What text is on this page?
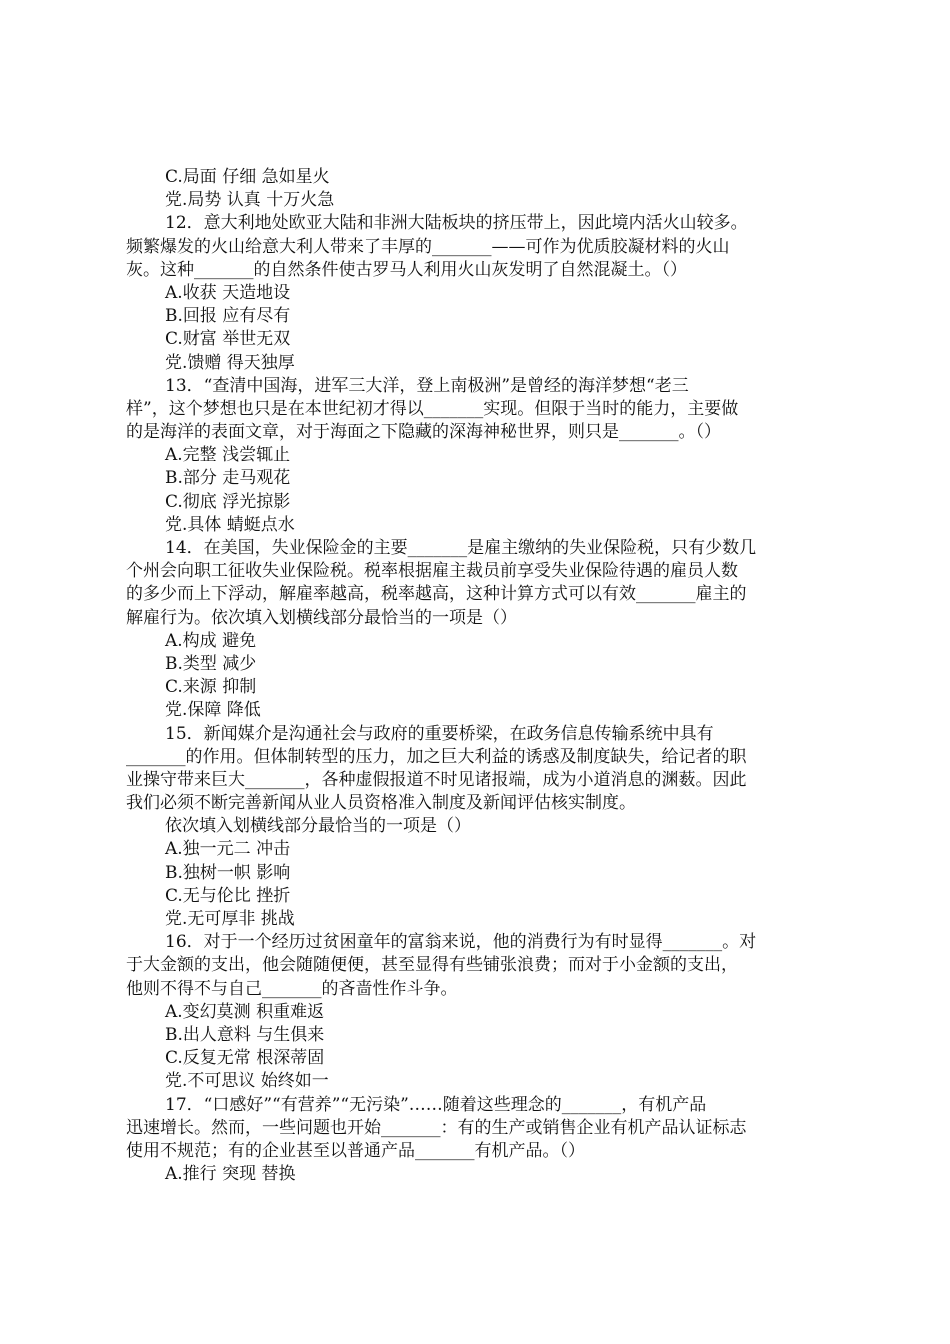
C.局面 仔细 急如星火
党.局势 认真 十万火急
12．意大利地处欧亚大陆和非洲大陆板块的挤压带上，因此境内活火山较多。
频繁爆发的火山给意大利人带来了丰厚的_______——可作为优质胶凝材料的火山
灰。这种_______的自然条件使古罗马人利用火山灰发明了自然混凝土。（）
A.收获 天造地设
B.回报 应有尽有
C.财富 举世无双
党.馈赠 得天独厚
13．“查清中国海，进军三大洋，登上南极洲”是曾经的海洋梦想“老三
样”，这个梦想也只是在本世纪初才得以_______实现。但限于当时的能力，主要做
的是海洋的表面文章，对于海面之下隐藏的深海神秘世界，则只是_______。（）
A.完整 浅尝辄止
B.部分 走马观花
C.彻底 浮光掠影
党.具体 蜻蜓点水
14．在美国，失业保险金的主要_______是雇主缴纳的失业保险税，只有少数几
个州会向职工征收失业保险税。税率根据雇主裁员前享受失业保险待遇的雇员人数
的多少而上下浮动，解雇率越高，税率越高，这种计算方式可以有效_______雇主的
解雇行为。依次填入划横线部分最恰当的一项是（）
A.构成 避免
B.类型 减少
C.来源 抑制
党.保障 降低
15．新闻媒介是沟通社会与政府的重要桥梁，在政务信息传输系统中具有
_______的作用。但体制转型的压力，加之巨大利益的诱惑及制度缺失，给记者的职
业操守带来巨大_______，各种虚假报道不时见诸报端，成为小道消息的渊薮。因此
我们必须不断完善新闻从业人员资格准入制度及新闻评估核实制度。
依次填入划横线部分最恰当的一项是（）
A.独一元二 冲击
B.独树一帜 影响
C.无与伦比 挫折
党.无可厚非 挑战
16．对于一个经历过贫困童年的富翁来说，他的消费行为有时显得_______。对
于大金额的支出，他会随随便便，甚至显得有些铺张浪费；而对于小金额的支出，
他则不得不与自己_______的吝啬性作斗争。
A.变幻莫测 积重难返
B.出人意料 与生俱来
C.反复无常 根深蒂固
党.不可思议 始终如一
17．“口感好”“有营养”“无污染”……随着这些理念的_______，有机产品
迅速增长。然而，一些问题也开始_______：有的生产或销售企业有机产品认证标志
使用不规范；有的企业甚至以普通产品_______有机产品。（）
A.推行 突现 替换
